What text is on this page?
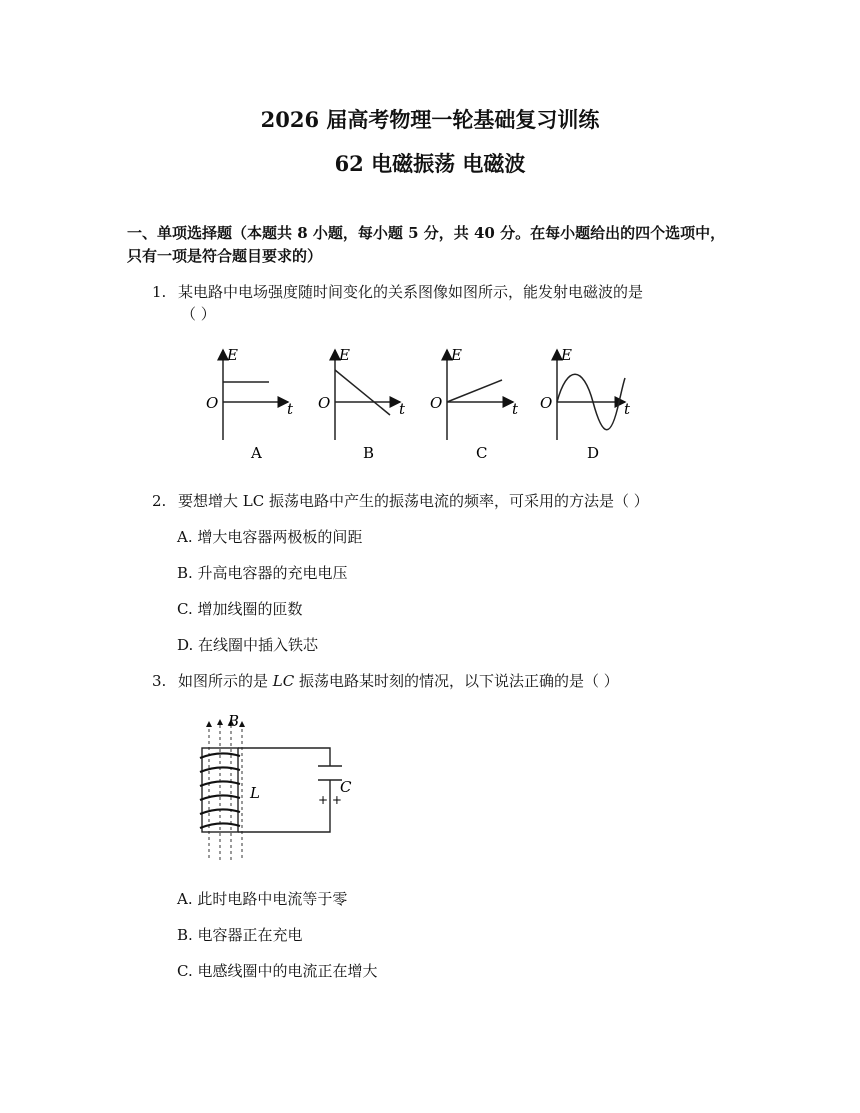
2026 届高考物理一轮基础复习训练
62 电磁振荡 电磁波
一、单项选择题（本题共 8 小题，每小题 5 分，共 40 分。在每小题给出的四个选项中，只有一项是符合题目要求的）
1. 某电路中电场强度随时间变化的关系图像如图所示，能发射电磁波的是
（ ）
E
O	t
A
E
O	t
B
E
O	t
C
E
O	t
D
2. 要想增大 LC 振荡电路中产生的振荡电流的频率，可采用的方法是（ ）
A. 增大电容器两极板的间距
B. 升高电容器的充电电压
C. 增加线圈的匝数
D. 在线圈中插入铁芯
3. 如图所示的是 LC 振荡电路某时刻的情况，以下说法正确的是（ ）
B
L	C
+ +
A. 此时电路中电流等于零
B. 电容器正在充电
C. 电感线圈中的电流正在增大
